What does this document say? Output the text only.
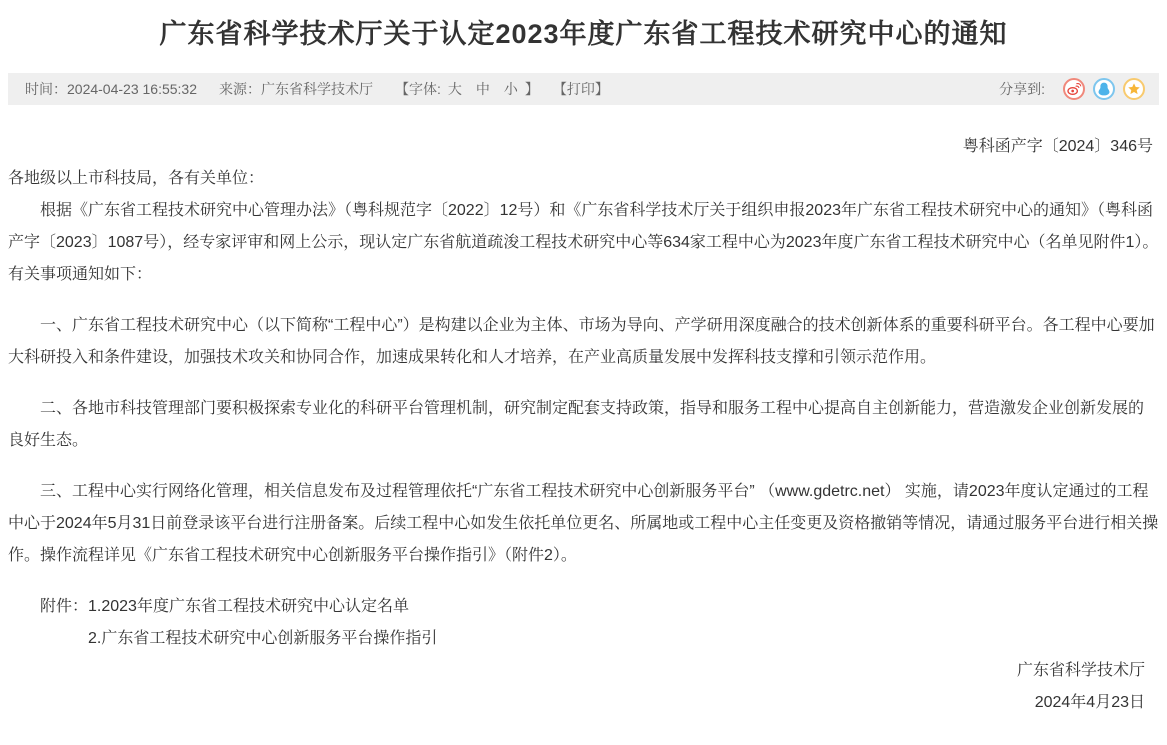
广东省科学技术厅关于认定2023年度广东省工程技术研究中心的通知
时间：2024-04-23 16:55:32 来源：广东省科学技术厅 【字体: 大 中 小 】 【打印】	分享到:
粤科函产字〔2024〕346号
各地级以上市科技局，各有关单位：

根据《广东省工程技术研究中心管理办法》（粤科规范字〔2022〕12号）和《广东省科学技术厅关于组织申报2023年广东省工程技术研究中心的通知》（粤科函产字〔2023〕1087号），经专家评审和网上公示，现认定广东省航道疏浚工程技术研究中心等634家工程中心为2023年度广东省工程技术研究中心（名单见附件1）。有关事项通知如下：

一、广东省工程技术研究中心（以下简称“工程中心”）是构建以企业为主体、市场为导向、产学研用深度融合的技术创新体系的重要科研平台。各工程中心要加大科研投入和条件建设，加强技术攻关和协同合作，加速成果转化和人才培养，在产业高质量发展中发挥科技支撑和引领示范作用。

二、各地市科技管理部门要积极探索专业化的科研平台管理机制，研究制定配套支持政策，指导和服务工程中心提高自主创新能力，营造激发企业创新发展的良好生态。

三、工程中心实行网络化管理，相关信息发布及过程管理依托“广东省工程技术研究中心创新服务平台” （www.gdetrc.net） 实施，请2023年度认定通过的工程中心于2024年5月31日前登录该平台进行注册备案。后续工程中心如发生依托单位更名、所属地或工程中心主任变更及资格撤销等情况，请通过服务平台进行相关操作。操作流程详见《广东省工程技术研究中心创新服务平台操作指引》（附件2）。

附件：1.2023年度广东省工程技术研究中心认定名单
2.广东省工程技术研究中心创新服务平台操作指引
广东省科学技术厅
2024年4月23日
